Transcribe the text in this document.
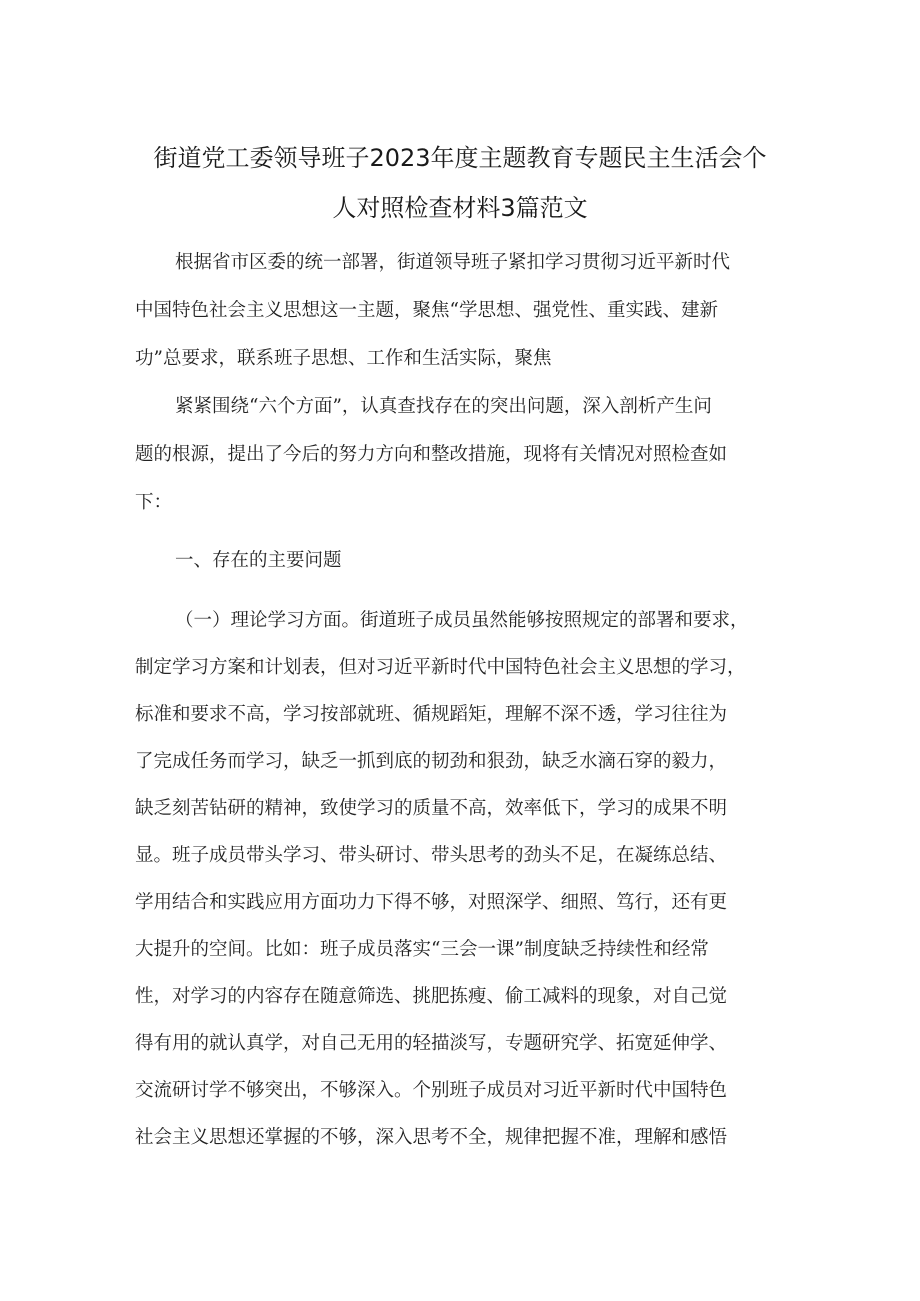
街道党工委领导班子2023年度主题教育专题民主生活会个
人对照检查材料3篇范文
根据省市区委的统一部署，街道领导班子紧扣学习贯彻习近平新时代
中国特色社会主义思想这一主题，聚焦“学思想、强党性、重实践、建新
功”总要求，联系班子思想、工作和生活实际，聚焦
紧紧围绕“六个方面”，认真查找存在的突出问题，深入剖析产生问
题的根源，提出了今后的努力方向和整改措施，现将有关情况对照检查如
下：
一、存在的主要问题
（一）理论学习方面。街道班子成员虽然能够按照规定的部署和要求，
制定学习方案和计划表，但对习近平新时代中国特色社会主义思想的学习，
标准和要求不高，学习按部就班、循规蹈矩，理解不深不透，学习往往为
了完成任务而学习，缺乏一抓到底的韧劲和狠劲，缺乏水滴石穿的毅力，
缺乏刻苦钻研的精神，致使学习的质量不高，效率低下，学习的成果不明
显。班子成员带头学习、带头研讨、带头思考的劲头不足，在凝练总结、
学用结合和实践应用方面功力下得不够，对照深学、细照、笃行，还有更
大提升的空间。比如：班子成员落实“三会一课”制度缺乏持续性和经常
性，对学习的内容存在随意筛选、挑肥拣瘦、偷工减料的现象，对自己觉
得有用的就认真学，对自己无用的轻描淡写，专题研究学、拓宽延伸学、
交流研讨学不够突出，不够深入。个别班子成员对习近平新时代中国特色
社会主义思想还掌握的不够，深入思考不全，规律把握不准，理解和感悟
